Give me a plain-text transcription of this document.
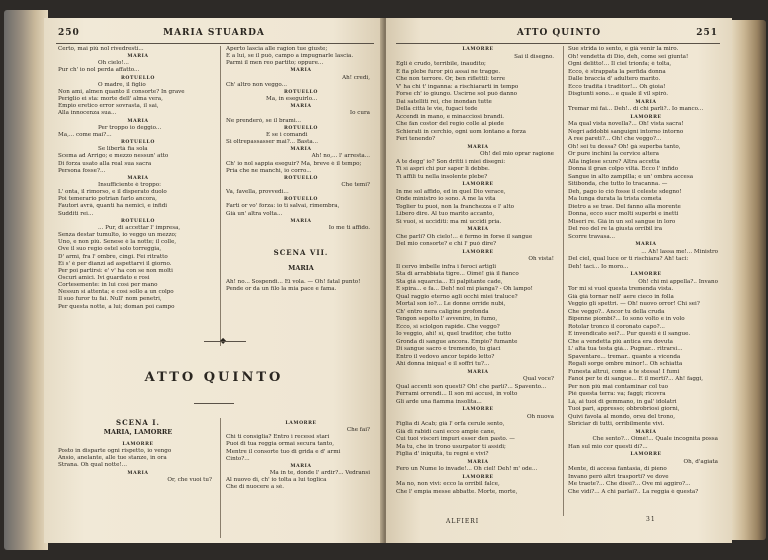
250	MARIA STUARDA
Certo, mai più nol rivedresti...
MARIA
Oh cielo!...
Pur ch' io nol perda affatto...
ROTUELLO
O madre, il figlio
Non ami, almen quanto il consorte? In grave
Periglio ei sta: morte dell' alma vera,
Empio eretico error sovrasta, il sai,
Alla innocenza sua...
MARIA
Per troppo io deggio...
Ma,... come mai?...
ROTUELLO
Se libertà fia sola
Scema ad Arrigo; e mezzo nessun' atto
Di forza usato alla real sua sacra
Persona fosse?...
MARIA
Insufficiente è troppo:
L' onta, il rimorso, e il disperato duolo
Poi temerario potrian farlo ancora,
Fautori avrà, quanti ha nemici, e infidi
Sudditi rei...
ROTUELLO
... Pur, di accettar l' impresa,
Senza destar tumulto, io veggo un mezzo;
Uno, e non più. Senese è la notte; il colle,
Ove il suo regio ostel solo torreggia,
D' armi, fra l' ombre, cingi. Fei ritratto
Ei s' è per dianzi ad aspettarvi il giorno.
Per poi partirsi: e' v' ha con se non molti
Oscuri amici. Ivi guardato e rosi
Cortesemente: in lui così per mano
Nessun si attenta; e così sollo a un colpo
Il suo furor tu fai. Null' nom penetri,
Per questa notte, a lui; doman poi campo
Aperto lascia alle ragion tue giuste;
E a lui, se il può, campo a impugnarle lascia.
Parmi il men reo partito; oppure...
MARIA
Ah! credi,
Ch' altro non veggo...
ROTUELLO
Ma, in eseguirlo...
MARIA
Io cura
Ne prenderò, se il brami...
ROTUELLO
E se i comandi
Si oltrepassasser mai?... Basta...
MARIA
Ah! no,... l' arresta...
Ch' io nol sappia eseguir? Ma, breve è il tempo;
Pria che ne manchi, io corro...
ROTUELLO
Che temi?
Va, favella, provvedi...
ROTUELLO
Farti or vo' forza: io ti salvai, rimembra,
Già un' altra volta...
MARIA
Io me ti affido.
SCENA VII.
MARIA
Ah! no... Sospendi... Ei vola. — Oh! fatal punto!
Pende or da un filo la mia pace e fama.
ATTO QUINTO
SCENA I.
MARIA, LAMORRE
LAMORRE
Posto in disparte ogni rispetto, io vengo
Ansio, anelante, alle tue stanze, in ora
Strana. Oh qual notte!...
MARIA
Or, che vuoi tu?
LAMORRE
Che fai?
Chi ti consiglia? Entro i recessi stari
Puoi di tua reggia ormai secura tanto,
Mentre il consorte tuo di grida e d' armi
Cinto?...
MARIA
Ma in te, donde l' ardir?... Vedransi
Al nuovo dì, ch' io tolta a lui toglica
Che di nuocere a sè.
ATTO QUINTO	251
LAMORRE
Sai il disegno.
Egli è crudo, terribile, inaudito;
E fia plebe furor più assai ne tragge.
Che non terrore. Or, ben riflettil: terre
V' ha chi t' inganna: a rischiararti in tempo
Forse ch' io giungo. Uscirne sol può danno
Dai satelliti rei, che inondan tutte
Della città le vie, fugaci tede
Accendi in mano, e minacciosi brandi.
Che fan costor del regio colle al piede
Schierati in cerchio, ogni uom lontano a forza
Feri tenendo?
MARIA
Oh! del mio oprar ragione
A te degg' io? Son dritti i miei disegni:
Ti sì aspri chi pur saper li debbe.
Ti affili tu nella insolente plebe?
LAMORRE
In me sol affido, ed in quel Dio verace,
Onde ministro io sono. A me la vita
Toglier tu puoi, non la franchezza e l' alto
Libero dire. Al tuo marito accanto,
Sì vuoi, sì ucciditi: ma mi uccidi pria.
MARIA
Che parli? Oh cielo!... è fermo in forse il sangue
Del mio consorte? e chi l' può dire?
LAMORRE
Oh vista!
Il cervo imbelle infra i feroci artigli
Sta di arrabbiata tigre... Oimè! già il fianco
Sta già squarcia... Ei palpitante cade,
E spira... e fa... Deh! nol mi pianga? - Oh lampo!
Qual raggio eterno agli occhi miei traluce?
Mortal son io?... Le donne orride nubi,
Ch' entro nera caligine profonda
Tengon sepolto l' avvenire, in fumo,
Ecco, si sciolgon rapide. Che veggo?
Io veggio, ahi! sì, quel traditor, che tutto
Gronda di sangue ancora. Empio? fumante
Di sangue sacro e tremendo, tu giaci
Entro il vedovo ancor tepido letto?
Ahi donna iniqua! e il soffri tu?...
MARIA
Qual voce?
Qual accenti son questi? Oh! che parli?... Spavento...
Ferrami orrendi... Il son mi accusi, in volto
Gli arde una fiamma insolita...
LAMORRE
Oh nuova
Figlia di Acab; già l' orfa cerule sento,
Già di rabidi cani ecco ampie cane,
Cui tuoi visceri impuri esser den pasto. —
Ma tu, che in trono usurpator ti assidi;
Figlia d' iniquità, tu regni e vivi?
MARIA
Fero un Nume lo invade!... Oh ciel! Deh! m' ode...
LAMORRE
Ma no, non vivi: ecco la orribil falce,
Che l' empia messe abbatte. Morte, morte,
Sue strida io sento, e già venir la miro.
Oh! vendetta di Dio, deh, come sei giunta!
Ogni delitto!... Il ciel trionfa; è tolta,
Ecco, è strappata la perfida donna
Dalle braccia d' adultero marito.
Ecco tradita i traditor!... Oh gioia!
Disgiunti sono... e quale il vil spirò.
MARIA
Tremar mi fai... Deh!.. di chi parli?.. Io manco...
LAMORRE
Ma qual vista novella?... Oh! vista sacra!
Negri addobbi sanguigni intorno intorno
A ree pareti?... Oh! che veggo?...
Oh! sei tu dessa? Oh! gà superba tanto,
Or pure inchini la cervice altera
Alla inglese scure? Altra accetta
Donna il gran colpo viltà. Ecco l' infido
Sangue in alto zampilla; e un' ombra accesa
Sitibonda, che tutto lo tracanna. —
Deh, pago io ciò fosse il celeste sdegno!
Ma lunga durata la trista cometa
Dietro a se trae. Del fanno alla morente
Donna, ecco sucr molti superbi e inetti
Miseri re. Già in un sol sangue in loro
Del reo del re la giusta orribil ira
Scorre travasa...
MARIA
... Ah! lassa me!... Ministro
Del ciel, qual luce or ti rischiara? Ah! taci:
Deh! taci... Io moro...
LAMORRE
Oh! chi mi appella?.. Invano
Tor mi si vuol questa tremenda vista.
Già già tornar nell' aere cieco in folla
Veggio gli spettri. — Oh! nuovo orror! Chi sei?
Che veggo?.. Ancor tu della cruda
Bipenne piombi?... Io sono volto e in volo
Rotolar tronco il coronato capo?...
E invendicato sei?... Pur questi è il sangue.
Che a vendetta più antica era dovuta
L' alta tua testa già... Pugnar... ritrarsi...
Spaventare... tremar.. quante a vicenda
Regali sorge ombre minor!.. Oh schiatta
Funesta altrui, come a te stessa! I fumi
Fanoi per te di sangue... E il merti?... Ah! faggi,
Per non più mai contaminar col tuo
Piè questa terra: va; faggi; ricovra
Là, ai tuoi di gemmano, in gal' idolatri
Tuoi pari, appresso; obbrobriosi giorni,
Quivi favola al mondo, orsu del trono,
Sbriciar di tutti, orribilmente vivi.
MARIA
Che sento?... Oimè!... Quale incognita possa
Han sul mio cor questi di?...
LAMORRE
Oh, d'agiata
Mente, di accesa fantasia, di pieno
Invano però altri trasporti? ve dove
Me traete?... Che dissi?... Ove mi aggiro?...
Che vidi?... A chi parlai?.. La reggia è questa?
ALFIERI	31
